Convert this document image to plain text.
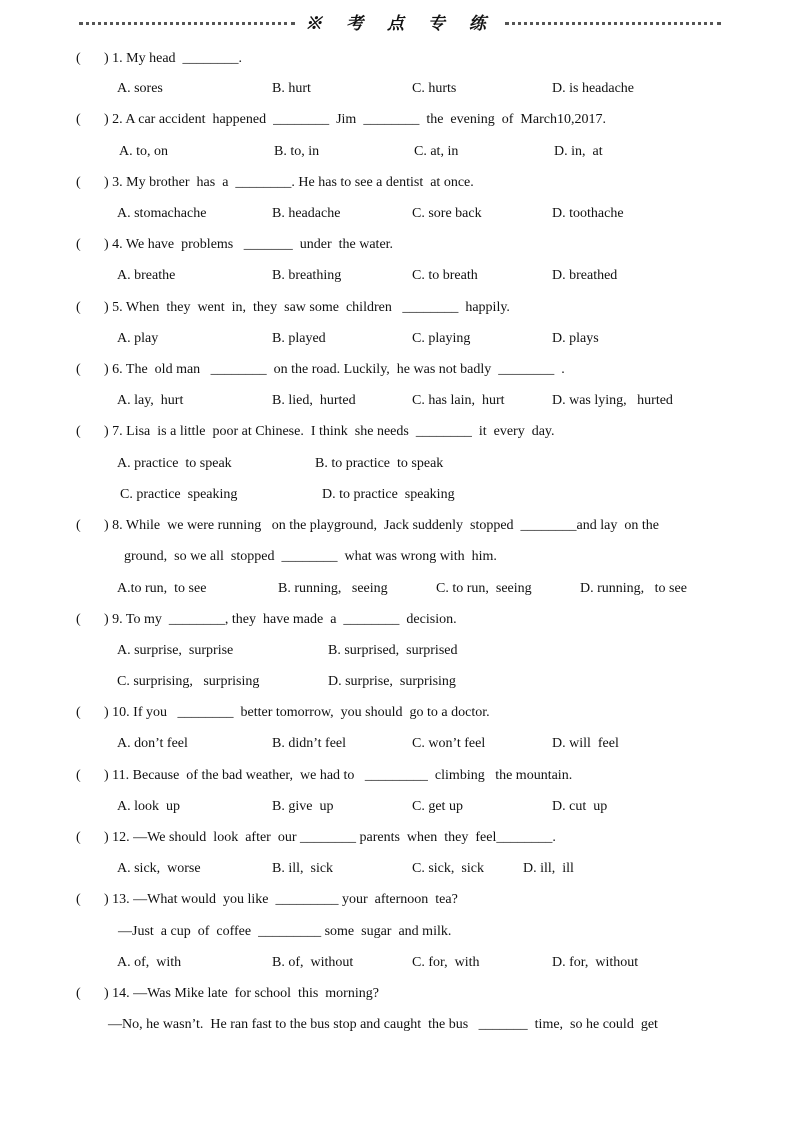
※ 考 点 专 练
( ) 1. My head  ________.
A. sores	B. hurt	C. hurts	D. is headache
( ) 2. A car accident  happened  ________  Jim  ________  the  evening  of  March10,2017.
A. to, on	B. to, in	C. at, in	D. in,  at
( ) 3. My brother  has  a  ________. He has to see a dentist  at once.
A. stomachache	B. headache	C. sore back	D. toothache
( ) 4. We have  problems   _______  under  the water.
A. breathe	B. breathing	C. to breath	D. breathed
( ) 5. When  they  went  in,  they  saw some  children   ________  happily.
A. play	B. played	C. playing	D. plays
( ) 6. The  old man   ________  on the road. Luckily,  he was not badly  ________  .
A. lay,  hurt	B. lied,  hurted	C. has lain,  hurt	D. was lying,   hurted
( ) 7. Lisa  is a little  poor at Chinese.  I think  she needs  ________  it  every  day.
A. practice  to speak	B. to practice  to speak
C. practice  speaking	D. to practice  speaking
( ) 8. While  we were running   on the playground,  Jack suddenly  stopped  ________and lay  on the
ground,  so we all  stopped  ________  what was wrong with  him.
A.to run,  to see	B. running,   seeing	C. to run,  seeing	D. running,   to see
( ) 9. To my  ________, they  have made  a  ________  decision.
A. surprise,  surprise	B. surprised,  surprised
C. surprising,   surprising	D. surprise,  surprising
( ) 10. If you   ________  better tomorrow,  you should  go to a doctor.
A. don’t feel	B. didn’t feel	C. won’t feel	D. will  feel
( ) 11. Because  of the bad weather,  we had to   _________  climbing   the mountain.
A. look  up	B. give  up	C. get up	D. cut  up
( ) 12. —We should  look  after  our ________ parents  when  they  feel________.
A. sick,  worse	B. ill,  sick	C. sick,  sick	D. ill,  ill
( ) 13. —What would  you like  _________ your  afternoon  tea?
—Just  a cup  of  coffee  _________ some  sugar  and milk.
A. of,  with	B. of,  without	C. for,  with	D. for,  without
( ) 14. —Was Mike late  for school  this  morning?
—No, he wasn’t.  He ran fast to the bus stop and caught  the bus   _______  time,  so he could  get
